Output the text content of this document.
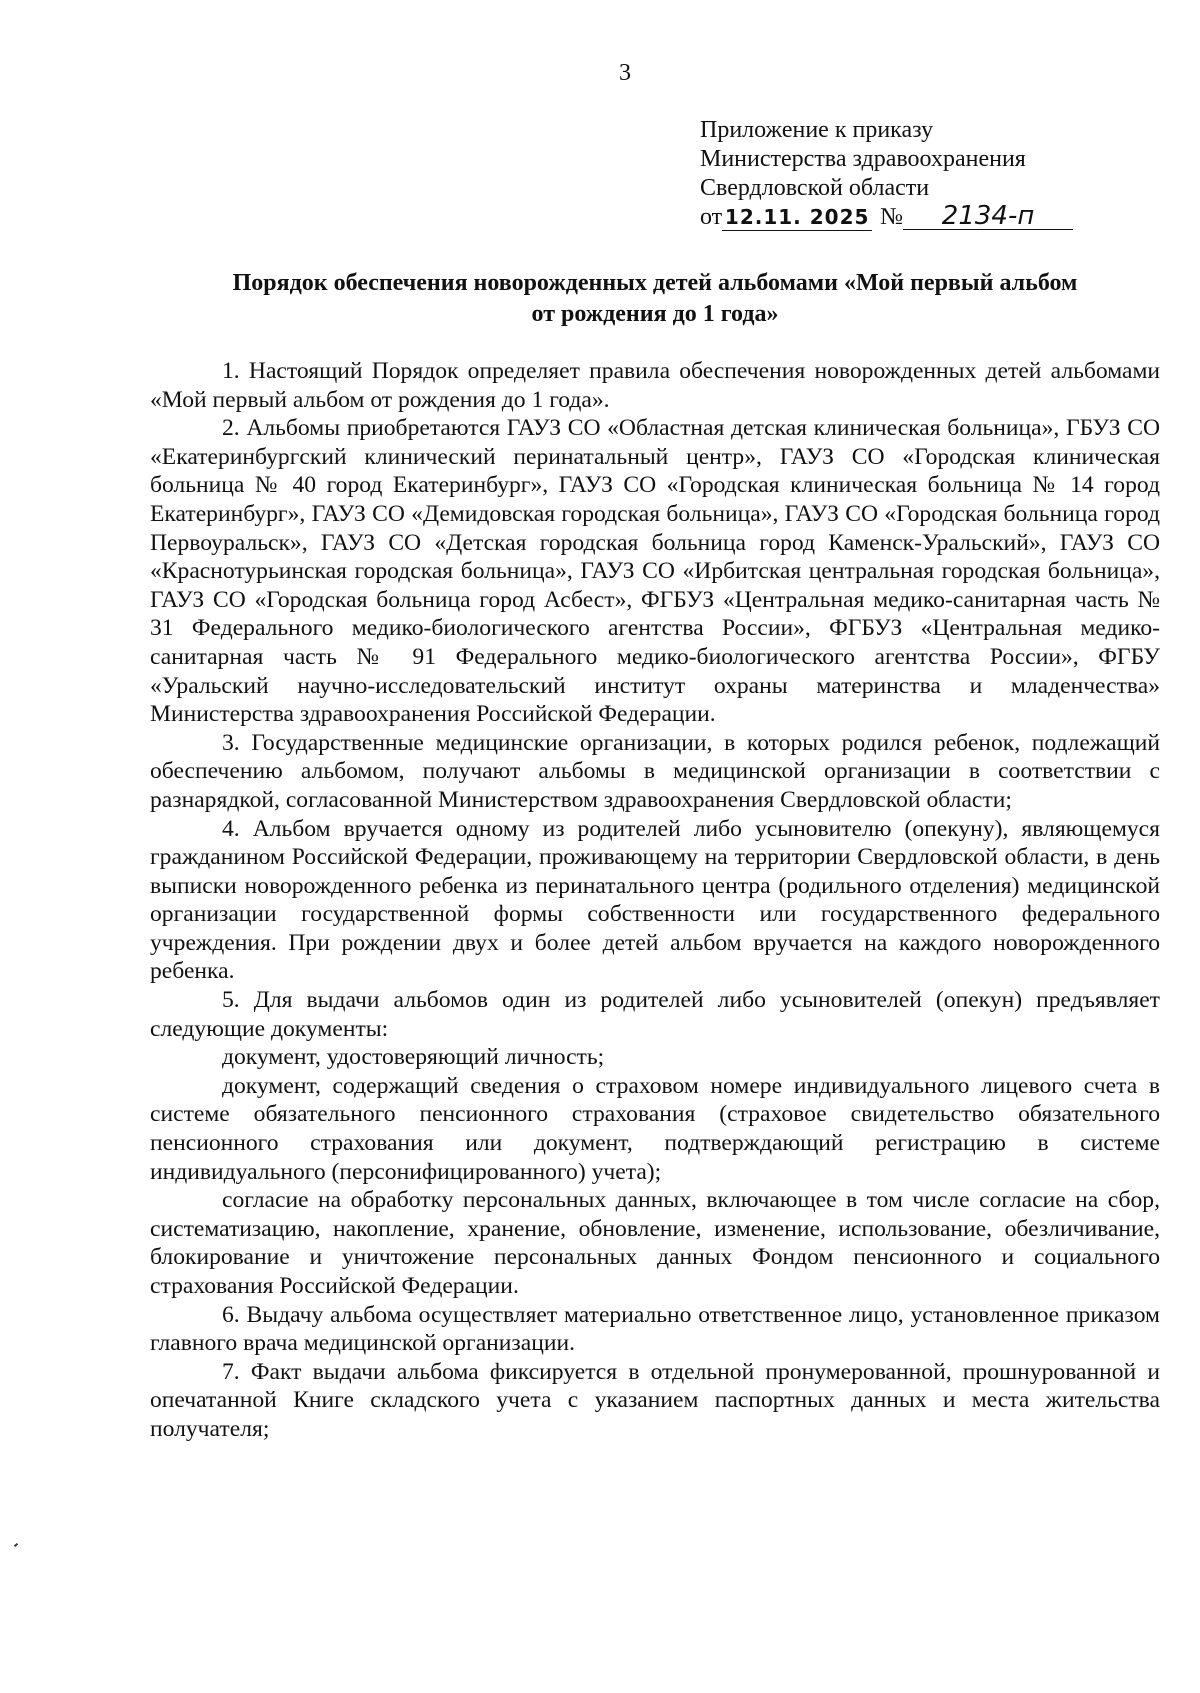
3
Приложение к приказу
Министерства здравоохранения
Свердловской области
от 12.11. 2025 №	2134-п
Порядок обеспечения новорожденных детей альбомами «Мой первый альбом
от рождения до 1 года»

1. Настоящий Порядок определяет правила обеспечения новорожденных детей альбомами «Мой первый альбом от рождения до 1 года».

2. Альбомы приобретаются ГАУЗ СО «Областная детская клиническая больница», ГБУЗ СО «Екатеринбургский клинический перинатальный центр», ГАУЗ СО «Городская клиническая больница № 40 город Екатеринбург», ГАУЗ СО «Городская клиническая больница № 14 город Екатеринбург», ГАУЗ СО «Демидовская городская больница», ГАУЗ СО «Городская больница город Первоуральск», ГАУЗ СО «Детская городская больница город Каменск-Уральский», ГАУЗ СО «Краснотурьинская городская больница», ГАУЗ СО «Ирбитская центральная городская больница», ГАУЗ СО «Городская больница город Асбест», ФГБУЗ «Центральная медико-санитарная часть № 31 Федерального медико-биологического агентства России», ФГБУЗ «Центральная медико-санитарная часть № 91 Федерального медико-биологического агентства России», ФГБУ «Уральский научно-исследовательский институт охраны материнства и младенчества» Министерства здравоохранения Российской Федерации.

3. Государственные медицинские организации, в которых родился ребенок, подлежащий обеспечению альбомом, получают альбомы в медицинской организации в соответствии с разнарядкой, согласованной Министерством здравоохранения Свердловской области;

4. Альбом вручается одному из родителей либо усыновителю (опекуну), являющемуся гражданином Российской Федерации, проживающему на территории Свердловской области, в день выписки новорожденного ребенка из перинатального центра (родильного отделения) медицинской организации государственной формы собственности или государственного федерального учреждения. При рождении двух и более детей альбом вручается на каждого новорожденного ребенка.

5. Для выдачи альбомов один из родителей либо усыновителей (опекун) предъявляет следующие документы:

документ, удостоверяющий личность;

документ, содержащий сведения о страховом номере индивидуального лицевого счета в системе обязательного пенсионного страхования (страховое свидетельство обязательного пенсионного страхования или документ, подтверждающий регистрацию в системе индивидуального (персонифицированного) учета);

согласие на обработку персональных данных, включающее в том числе согласие на сбор, систематизацию, накопление, хранение, обновление, изменение, использование, обезличивание, блокирование и уничтожение персональных данных Фондом пенсионного и социального страхования Российской Федерации.

6. Выдачу альбома осуществляет материально ответственное лицо, установленное приказом главного врача медицинской организации.

7. Факт выдачи альбома фиксируется в отдельной пронумерованной, прошнурованной и опечатанной Книге складского учета с указанием паспортных данных и места жительства получателя;
